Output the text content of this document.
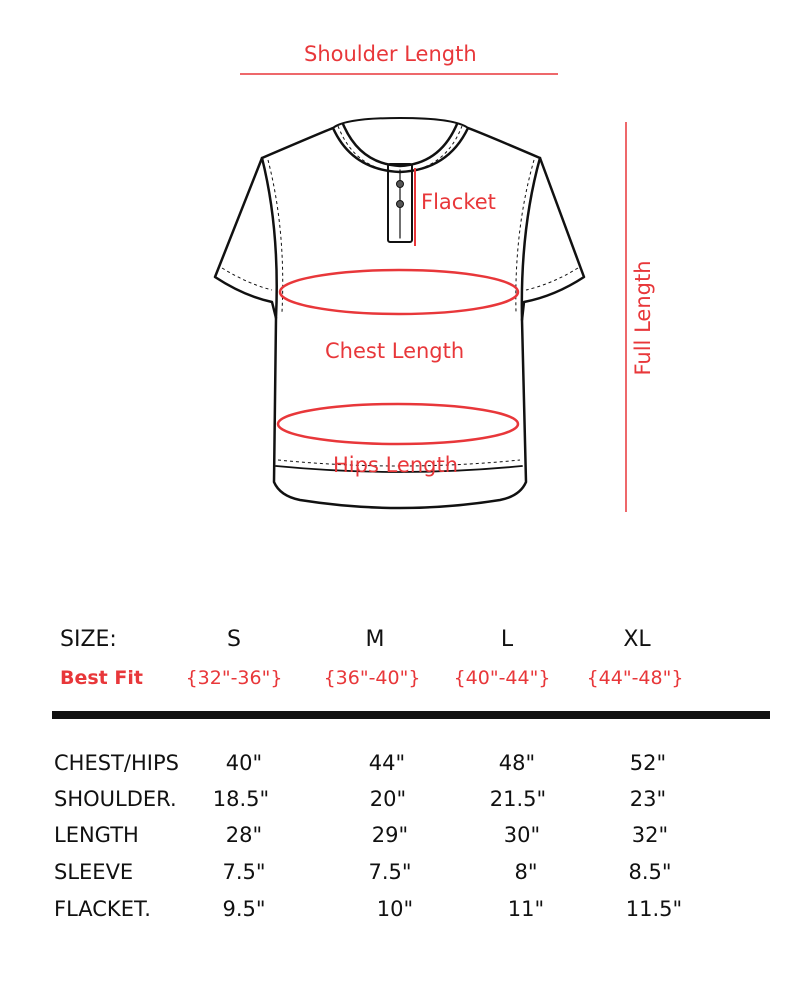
Shoulder Length
Flacket
Chest Length
Hips Length
Full Length
SIZE:	S	M	L	XL
Best Fit {32"-36"} {36"-40"} {40"-44"} {44"-48"}
CHEST/HIPS 40"	44"	48"	52"
SHOULDER. 18.5"	20"	21.5"	23"
LENGTH	28"	29"	30"	32"
SLEEVE	7.5"	7.5"	8"	8.5"
FLACKET.	9.5"	10"	11"	11.5"
